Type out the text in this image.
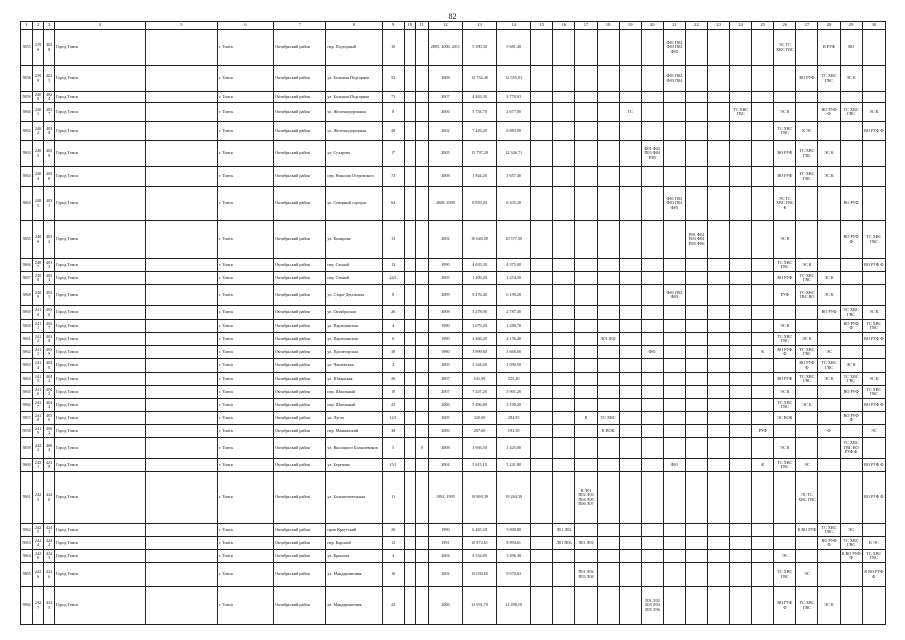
82
1	2	3	4	5	6	7	8	9	10	11	12	13	14	15	16	17	18	19	20	21	22	23	24	25	26	27	28	29	30
5855	2396	4028	Город Томск		г. Томск	Октябрьский район	пер. Подгорный	10			2005, 2006, 2011	5 390,30	5 681,40							Ф01 П02 Ф03 П04 Ф05					ЭС ТС ХВС ГВС		В РУФ	ВО	
5856	2399	4025	Город Томск		г. Томск	Октябрьский район	ул. Большая Подгорная	52			2008	12 732,40	12 555,01							Ф01 П02 Ф03 П04						ВО РУФ	ТС ХВС ГВС	ЭС К	
5859	2400	4024	Город Томск		г. Томск	Октябрьский район	ул. Большая Подгорная	71			2007	4 463,30	4 770,03																
5860	2401	4027	Город Томск		г. Томск	Октябрьский район	ул. Железнодорожная	8			2006	5 734,70	2 677,00					ТС					ТС ХВС ГВС		ЭС К		ВО РУФ Ф	ТС ХВС ГВС	ЭС К
5862	2402	4038	Город Томск		г. Томск	Октябрьский район	ул. Железнодорожная	28			2002	7 426,20	6 883,90												ТС ХВС ГВС	К ЭС			ВО РУФ Ф
5863	2403	4029	Город Томск		г. Томск	Октябрьский район	ул. Сухарева	17			2005	15 797,20	12 346,71						Ф01 Ф02 П03 Ф04 П05						ВО РУФ	ТС ХВС ГВС	ЭС К		
5864	2404	4030	Город Томск		г. Томск	Октябрьский район	пер. Николая Островского	72			2008	1 844,20	1 657,40												ВО РУФ	ТС ХВС ГВС	ЭС К		
5864	2405	4031	Город Томск		г. Томск	Октябрьский район	ул. Северный городок	64			2008, 2009	8 859,20	6 435,20							Ф01 П02 Ф03 П04 Ф05					ЭС ТС ХВС ГВС К			ВО РУФ	
5865	2406	4032	Город Томск		г. Томск	Октябрьский район	ул. Комарова	13			2002	10 640,00	10 577,30								П01 Ф02 П03 Ф04 П05 Ф06				ЭС К			ВО РУФ Ф	ТС ХВС ГВС
5866	2407	4033	Город Томск		г. Томск	Октябрьский район	пер. Сенной	12			1990	4 635,30	4 375,00												ТС ХВС ГВС	ЭС К			ВО РУФ Ф
5867	2408	4034	Город Томск		г. Томск	Октябрьский район	пер. Сенной	24/1			2005	1 409,20	1 254,30												ВО РУФ	ТС ХВС ГВС	ЭС К		
5868	2409	4035	Город Томск		г. Томск	Октябрьский район	ул. Старо-Деповская	8			2009	9 476,40	6 190,20							Ф01 П02 Ф03					РУФ	ТС ХВС ГВС ВО	ЭС К		
5869	2410	4036	Город Томск		г. Томск	Октябрьский район	ул. Октябрьская	26			2008	5 278,00	2 787,40														ВО РУФ	ТС ХВС ГВС	ЭС К
5860	2411	4037	Город Томск		г. Томск	Октябрьский район	ул. Партизанская	4			1990	1 679,20	1 280,70												ЭС К			ВО РУФ Ф	ТС ХВС ГВС
5861	2412	4038	Город Томск		г. Томск	Октябрьский район	ул. Партизанская	6			1990	4 466,20	4 156,40				Л01 Л02								ТС ХВС ГВС	ЭС К			ВО РУФ Ф
5862	2413	4039	Город Томск		г. Томск	Октябрьский район	ул. Пролетарская	38			1980	3 899,60	3 666,60						Ф01					К	ВО РУФ Ф	ТС ХВС ГВС	ЭС		
5863	2414	4040	Город Томск		г. Томск	Октябрьский район	ул. Чапаевская	2			2005	2 344,00	2 090,50													ВО РУФ Ф	ТС ХВС ГВС	ЭС К	
5864	2415	4042	Город Томск		г. Томск	Октябрьский район	ул. Южанская	26			2007	541,99	525,20												ВО РУФ	ТС ХВС ГВС	ЭС К	ТС ХВС ГВС	ЭС К
5865	2416	4043	Город Томск		г. Томск	Октябрьский район	пер. Шпальный	19			2007	7 247,20	5 901,20												ЭС К			ВО РУФ	ТС ХВС ГВС
5866	2417	4044	Город Томск		г. Томск	Октябрьский район	пер. Шпальный	23			2006	5 496,80	5 190,20												ТС ХВС ГВС	ЭС К			ВО РУФ Ф
5857	2418	4050	Город Томск		г. Томск	Октябрьский район	ул. Лугач	14/1			2005	320,00	284,95			К	ТС ХВС								ЭС ВОК			ВО РУФ Ф	
5858	2419	4063	Город Томск		г. Томск	Октябрьский район	пер. Маякинский	38			2006	207,60	193,50				К ВОК							РУФ			Ф		ЭС
5859	2422	4064	Город Томск		г. Томск	Октябрьский район	ул. Высоцкого Большевиков	5		9	2008	1 936,50	1 425,00												ЭС К			ТС ХВС ГВС ВО РУФ Ф	
5860	2421	4239	Город Томск		г. Томск	Октябрьский район	ул. Березина	15/1			2004	5 615,10	5 241,80							Ф01				К	ТС ХВС ГВС	ЭС			ВО РУФ Ф
5861	2423	4240	Город Томск		г. Томск	Октябрьский район	ул. Большеземельная	11			1992, 1995	19 869,39	19 264,39			К Л01 П02 Л03 П04 Л05 П06 Л07										ЭС ТС ХВС ГВС			ВО РУФ Ф
5862	2425	4241	Город Томск		г. Томск	Октябрьский район	пров Иркутский	26			1990	6 465,30	5 800,80		Л01 Л02											К ВО РУФ	ТС ХВС ГВС	ЭС	
5863	2424	4242	Город Томск		г. Томск	Октябрьский район	пер. Карский	12			1991	10 872,61	8 994,61		Л01 П04	Л01 Л02											ВО РУФ Ф	ТС ХВС ГВС	К ЭС
5864	2426	4243	Город Томск		г. Томск	Октябрьский район	ул. Крылова	4			2004	4 154,80	3 496,38												ЭС			К ВО РУФ Ф	ТС ХВС ГВС
5865	2426	4246	Город Томск		г. Томск	Октябрьский район	ул. Мандаринтовая	10			2002	10 030,65	9 070,63			П01 Л02 П03 Л04									ТС ХВС ГВС	ЭС			К ВО РУФ Ф
5866	2427	4245	Город Томск		г. Томск	Октябрьский район	ул. Мандаринтовая	22			2006	13 931,70	12 498,10						Л01 Л02 Л03 Л04 Л05 Л06						ВО РУФ Ф	ТС ХВС ГВС	ЭС К		
